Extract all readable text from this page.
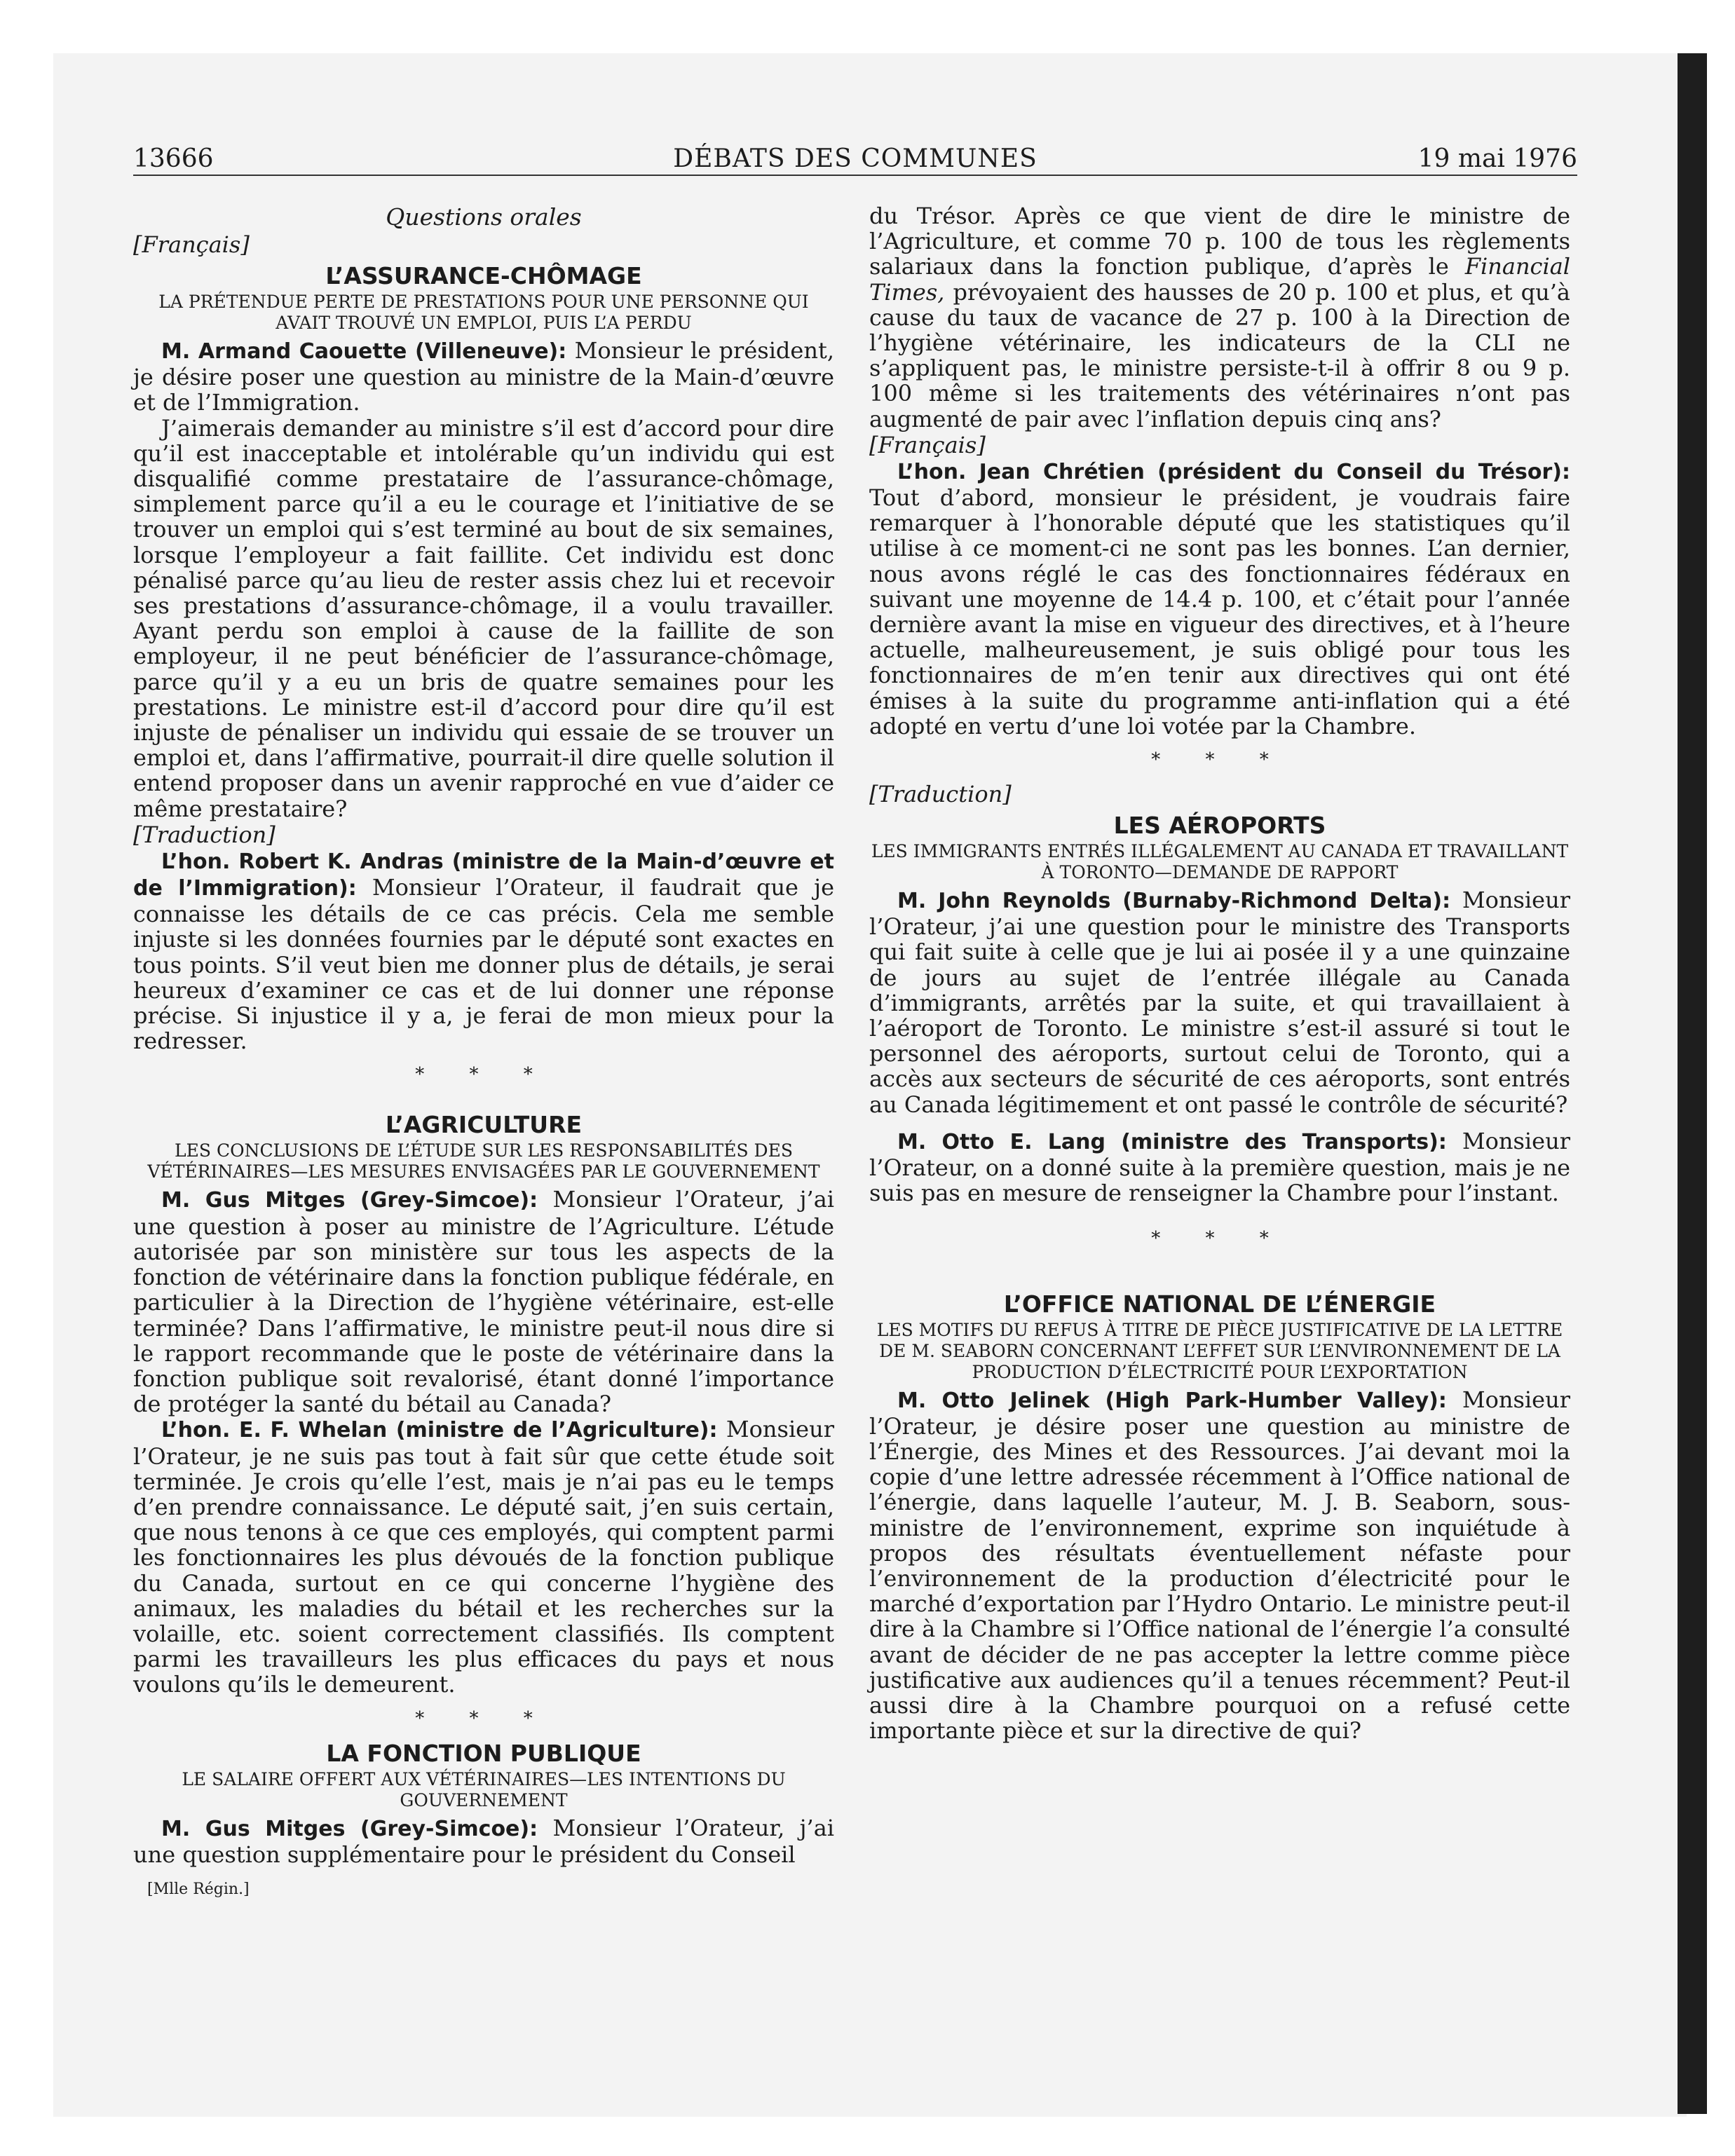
13666	DÉBATS DES COMMUNES	19 mai 1976

Questions orales

[Français]

L’ASSURANCE-CHÔMAGE

LA PRÉTENDUE PERTE DE PRESTATIONS POUR UNE PERSONNE QUI AVAIT TROUVÉ UN EMPLOI, PUIS L’A PERDU

M. Armand Caouette (Villeneuve): Monsieur le président, je désire poser une question au ministre de la Main-d’œuvre et de l’Immigration.

J’aimerais demander au ministre s’il est d’accord pour dire qu’il est inacceptable et intolérable qu’un individu qui est disqualifié comme prestataire de l’assurance-chômage, simplement parce qu’il a eu le courage et l’initiative de se trouver un emploi qui s’est terminé au bout de six semaines, lorsque l’employeur a fait faillite. Cet individu est donc pénalisé parce qu’au lieu de rester assis chez lui et recevoir ses prestations d’assurance-chômage, il a voulu travailler. Ayant perdu son emploi à cause de la faillite de son employeur, il ne peut bénéficier de l’assurance-chômage, parce qu’il y a eu un bris de quatre semaines pour les prestations. Le ministre est-il d’accord pour dire qu’il est injuste de pénaliser un individu qui essaie de se trouver un emploi et, dans l’affirmative, pourrait-il dire quelle solution il entend proposer dans un avenir rapproché en vue d’aider ce même prestataire?

[Traduction]

L’hon. Robert K. Andras (ministre de la Main-d’œuvre et de l’Immigration): Monsieur l’Orateur, il faudrait que je connaisse les détails de ce cas précis. Cela me semble injuste si les données fournies par le député sont exactes en tous points. S’il veut bien me donner plus de détails, je serai heureux d’examiner ce cas et de lui donner une réponse précise. Si injustice il y a, je ferai de mon mieux pour la redresser.

* * *

L’AGRICULTURE

LES CONCLUSIONS DE L’ÉTUDE SUR LES RESPONSABILITÉS DES VÉTÉRINAIRES—LES MESURES ENVISAGÉES PAR LE GOUVERNEMENT

M. Gus Mitges (Grey-Simcoe): Monsieur l’Orateur, j’ai une question à poser au ministre de l’Agriculture. L’étude autorisée par son ministère sur tous les aspects de la fonction de vétérinaire dans la fonction publique fédérale, en particulier à la Direction de l’hygiène vétérinaire, est-elle terminée? Dans l’affirmative, le ministre peut-il nous dire si le rapport recommande que le poste de vétérinaire dans la fonction publique soit revalorisé, étant donné l’importance de protéger la santé du bétail au Canada?

L’hon. E. F. Whelan (ministre de l’Agriculture): Monsieur l’Orateur, je ne suis pas tout à fait sûr que cette étude soit terminée. Je crois qu’elle l’est, mais je n’ai pas eu le temps d’en prendre connaissance. Le député sait, j’en suis certain, que nous tenons à ce que ces employés, qui comptent parmi les fonctionnaires les plus dévoués de la fonction publique du Canada, surtout en ce qui concerne l’hygiène des animaux, les maladies du bétail et les recherches sur la volaille, etc. soient correctement classifiés. Ils comptent parmi les travailleurs les plus efficaces du pays et nous voulons qu’ils le demeurent.

* * *

LA FONCTION PUBLIQUE

LE SALAIRE OFFERT AUX VÉTÉRINAIRES—LES INTENTIONS DU GOUVERNEMENT

M. Gus Mitges (Grey-Simcoe): Monsieur l’Orateur, j’ai une question supplémentaire pour le président du Conseil

[Mlle Régin.]

du Trésor. Après ce que vient de dire le ministre de l’Agriculture, et comme 70 p. 100 de tous les règlements salariaux dans la fonction publique, d’après le Financial Times, prévoyaient des hausses de 20 p. 100 et plus, et qu’à cause du taux de vacance de 27 p. 100 à la Direction de l’hygiène vétérinaire, les indicateurs de la CLI ne s’appliquent pas, le ministre persiste-t-il à offrir 8 ou 9 p. 100 même si les traitements des vétérinaires n’ont pas augmenté de pair avec l’inflation depuis cinq ans?

[Français]

L’hon. Jean Chrétien (président du Conseil du Trésor): Tout d’abord, monsieur le président, je voudrais faire remarquer à l’honorable député que les statistiques qu’il utilise à ce moment-ci ne sont pas les bonnes. L’an dernier, nous avons réglé le cas des fonctionnaires fédéraux en suivant une moyenne de 14.4 p. 100, et c’était pour l’année dernière avant la mise en vigueur des directives, et à l’heure actuelle, malheureusement, je suis obligé pour tous les fonctionnaires de m’en tenir aux directives qui ont été émises à la suite du programme anti-inflation qui a été adopté en vertu d’une loi votée par la Chambre.

* * *

[Traduction]

LES AÉROPORTS

LES IMMIGRANTS ENTRÉS ILLÉGALEMENT AU CANADA ET TRAVAILLANT À TORONTO—DEMANDE DE RAPPORT

M. John Reynolds (Burnaby-Richmond Delta): Monsieur l’Orateur, j’ai une question pour le ministre des Transports qui fait suite à celle que je lui ai posée il y a une quinzaine de jours au sujet de l’entrée illégale au Canada d’immigrants, arrêtés par la suite, et qui travaillaient à l’aéroport de Toronto. Le ministre s’est-il assuré si tout le personnel des aéroports, surtout celui de Toronto, qui a accès aux secteurs de sécurité de ces aéroports, sont entrés au Canada légitimement et ont passé le contrôle de sécurité?

M. Otto E. Lang (ministre des Transports): Monsieur l’Orateur, on a donné suite à la première question, mais je ne suis pas en mesure de renseigner la Chambre pour l’instant.

* * *

L’OFFICE NATIONAL DE L’ÉNERGIE

LES MOTIFS DU REFUS À TITRE DE PIÈCE JUSTIFICATIVE DE LA LETTRE DE M. SEABORN CONCERNANT L’EFFET SUR L’ENVIRONNEMENT DE LA PRODUCTION D’ÉLECTRICITÉ POUR L’EXPORTATION

M. Otto Jelinek (High Park-Humber Valley): Monsieur l’Orateur, je désire poser une question au ministre de l’Énergie, des Mines et des Ressources. J’ai devant moi la copie d’une lettre adressée récemment à l’Office national de l’énergie, dans laquelle l’auteur, M. J. B. Seaborn, sous-ministre de l’environnement, exprime son inquiétude à propos des résultats éventuellement néfaste pour l’environnement de la production d’électricité pour le marché d’exportation par l’Hydro Ontario. Le ministre peut-il dire à la Chambre si l’Office national de l’énergie l’a consulté avant de décider de ne pas accepter la lettre comme pièce justificative aux audiences qu’il a tenues récemment? Peut-il aussi dire à la Chambre pourquoi on a refusé cette importante pièce et sur la directive de qui?
